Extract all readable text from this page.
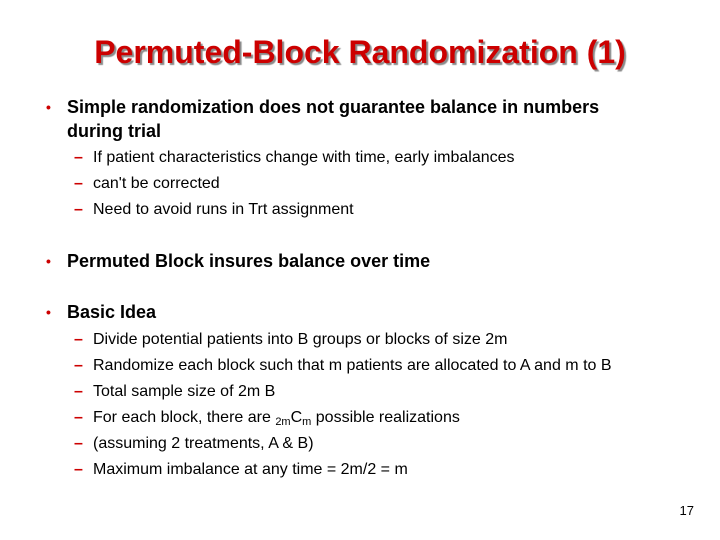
Permuted-Block Randomization (1)
• Simple randomization does not guarantee balance in numbers
during trial
– If patient characteristics change with time, early imbalances
– can't be corrected
– Need to avoid runs in Trt assignment
• Permuted Block insures balance over time
• Basic Idea
– Divide potential patients into B groups or blocks of size 2m
– Randomize each block such that m patients are allocated to A and m to B
– Total sample size of 2m B
– For each block, there are $_{2m}C_m$ possible realizations
– (assuming 2 treatments, A & B)
– Maximum imbalance at any time = 2m/2 = m
17
